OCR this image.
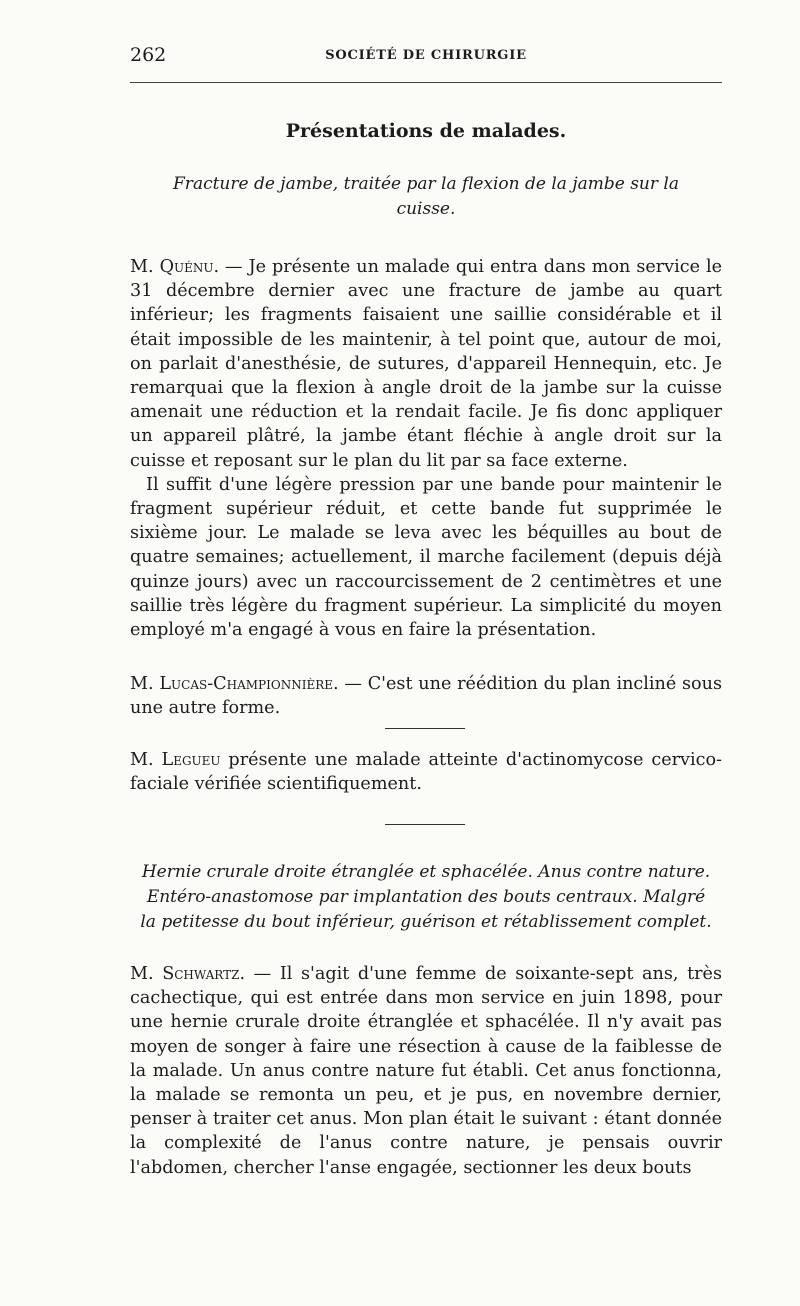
262	SOCIÉTÉ DE CHIRURGIE
Présentations de malades.
Fracture de jambe, traitée par la flexion de la jambe sur la
cuisse.

M. Quénu. — Je présente un malade qui entra dans mon service le 31 décembre dernier avec une fracture de jambe au quart inférieur; les fragments faisaient une saillie considérable et il était impossible de les maintenir, à tel point que, autour de moi, on parlait d'anesthésie, de sutures, d'appareil Hennequin, etc. Je remarquai que la flexion à angle droit de la jambe sur la cuisse amenait une réduction et la rendait facile. Je fis donc appliquer un appareil plâtré, la jambe étant fléchie à angle droit sur la cuisse et reposant sur le plan du lit par sa face externe.

Il suffit d'une légère pression par une bande pour maintenir le fragment supérieur réduit, et cette bande fut supprimée le sixième jour. Le malade se leva avec les béquilles au bout de quatre semaines; actuellement, il marche facilement (depuis déjà quinze jours) avec un raccourcissement de 2 centimètres et une saillie très légère du fragment supérieur. La simplicité du moyen employé m'a engagé à vous en faire la présentation.

M. Lucas-Championnière. — C'est une réédition du plan incliné sous une autre forme.

M. Legueu présente une malade atteinte d'actinomycose cervico-faciale vérifiée scientifiquement.

Hernie crurale droite étranglée et sphacélée. Anus contre nature.
Entéro-anastomose par implantation des bouts centraux. Malgré
la petitesse du bout inférieur, guérison et rétablissement complet.

M. Schwartz. — Il s'agit d'une femme de soixante-sept ans, très cachectique, qui est entrée dans mon service en juin 1898, pour une hernie crurale droite étranglée et sphacélée. Il n'y avait pas moyen de songer à faire une résection à cause de la faiblesse de la malade. Un anus contre nature fut établi. Cet anus fonctionna, la malade se remonta un peu, et je pus, en novembre dernier, penser à traiter cet anus. Mon plan était le suivant : étant donnée la complexité de l'anus contre nature, je pensais ouvrir l'abdomen, chercher l'anse engagée, sectionner les deux bouts
